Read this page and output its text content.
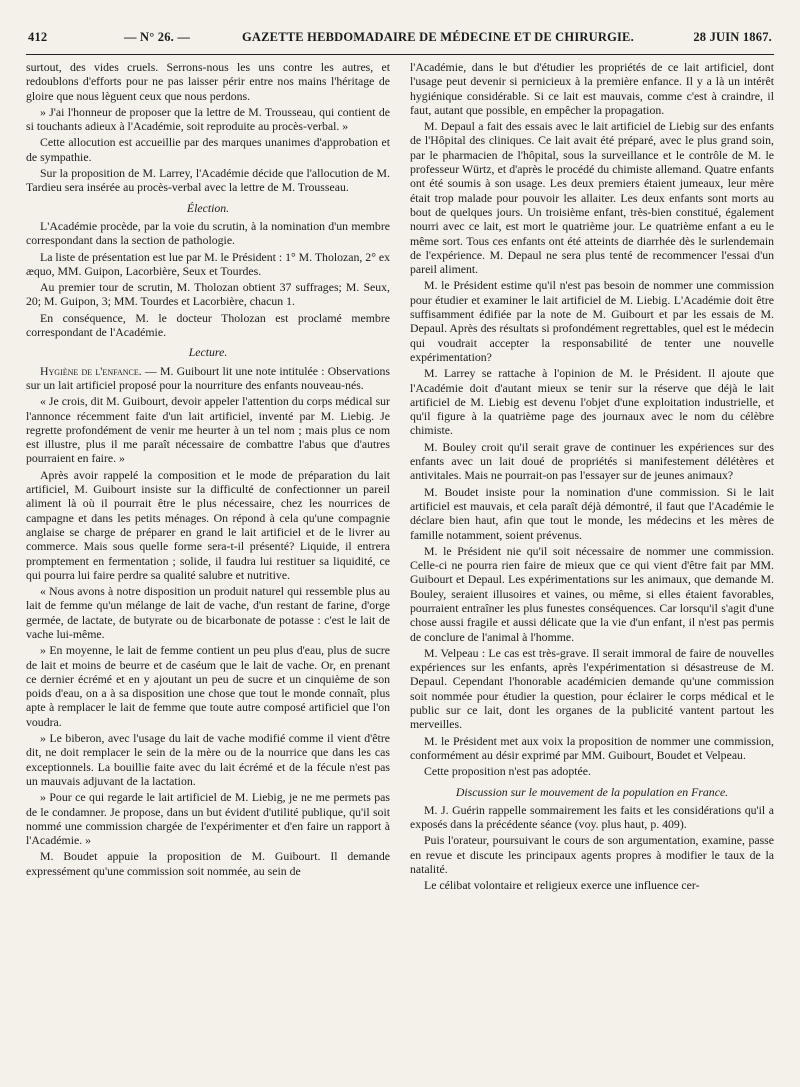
412	— N° 26. —	GAZETTE HEBDOMADAIRE DE MÉDECINE ET DE CHIRURGIE.	28 JUIN 1867.

surtout, des vides cruels. Serrons-nous les uns contre les autres, et redoublons d'efforts pour ne pas laisser périr entre nos mains l'héritage de gloire que nous lèguent ceux que nous perdons.

» J'ai l'honneur de proposer que la lettre de M. Trousseau, qui contient de si touchants adieux à l'Académie, soit reproduite au procès-verbal. »

Cette allocution est accueillie par des marques unanimes d'approbation et de sympathie.

Sur la proposition de M. Larrey, l'Académie décide que l'allocution de M. Tardieu sera insérée au procès-verbal avec la lettre de M. Trousseau.

Élection.

L'Académie procède, par la voie du scrutin, à la nomination d'un membre correspondant dans la section de pathologie.

La liste de présentation est lue par M. le Président : 1° M. Tholozan, 2° ex æquo, MM. Guipon, Lacorbière, Seux et Tourdes.

Au premier tour de scrutin, M. Tholozan obtient 37 suffrages; M. Seux, 20; M. Guipon, 3; MM. Tourdes et Lacorbière, chacun 1.

En conséquence, M. le docteur Tholozan est proclamé membre correspondant de l'Académie.

Lecture.

Hygiène de l'enfance. — M. Guibourt lit une note intitulée : Observations sur un lait artificiel proposé pour la nourriture des enfants nouveau-nés.

« Je crois, dit M. Guibourt, devoir appeler l'attention du corps médical sur l'annonce récemment faite d'un lait artificiel, inventé par M. Liebig. Je regrette profondément de venir me heurter à un tel nom ; mais plus ce nom est illustre, plus il me paraît nécessaire de combattre l'abus que d'autres pourraient en faire. »

Après avoir rappelé la composition et le mode de préparation du lait artificiel, M. Guibourt insiste sur la difficulté de confectionner un pareil aliment là où il pourrait être le plus nécessaire, chez les nourrices de campagne et dans les petits ménages. On répond à cela qu'une compagnie anglaise se charge de préparer en grand le lait artificiel et de le livrer au commerce. Mais sous quelle forme sera-t-il présenté? Liquide, il entrera promptement en fermentation ; solide, il faudra lui restituer sa liquidité, ce qui pourra lui faire perdre sa qualité salubre et nutritive.

« Nous avons à notre disposition un produit naturel qui ressemble plus au lait de femme qu'un mélange de lait de vache, d'un restant de farine, d'orge germée, de lactate, de butyrate ou de bicarbonate de potasse : c'est le lait de vache lui-même.

» En moyenne, le lait de femme contient un peu plus d'eau, plus de sucre de lait et moins de beurre et de caséum que le lait de vache. Or, en prenant ce dernier écrémé et en y ajoutant un peu de sucre et un cinquième de son poids d'eau, on a à sa disposition une chose que tout le monde connaît, plus apte à remplacer le lait de femme que toute autre composé artificiel que l'on voudra.

» Le biberon, avec l'usage du lait de vache modifié comme il vient d'être dit, ne doit remplacer le sein de la mère ou de la nourrice que dans les cas exceptionnels. La bouillie faite avec du lait écrémé et de la fécule n'est pas un mauvais adjuvant de la lactation.

» Pour ce qui regarde le lait artificiel de M. Liebig, je ne me permets pas de le condamner. Je propose, dans un but évident d'utilité publique, qu'il soit nommé une commission chargée de l'expérimenter et d'en faire un rapport à l'Académie. »

M. Boudet appuie la proposition de M. Guibourt. Il demande expressément qu'une commission soit nommée, au sein de

l'Académie, dans le but d'étudier les propriétés de ce lait artificiel, dont l'usage peut devenir si pernicieux à la première enfance. Il y a là un intérêt hygiénique considérable. Si ce lait est mauvais, comme c'est à craindre, il faut, autant que possible, en empêcher la propagation.

M. Depaul a fait des essais avec le lait artificiel de Liebig sur des enfants de l'Hôpital des cliniques. Ce lait avait été préparé, avec le plus grand soin, par le pharmacien de l'hôpital, sous la surveillance et le contrôle de M. le professeur Würtz, et d'après le procédé du chimiste allemand. Quatre enfants ont été soumis à son usage. Les deux premiers étaient jumeaux, leur mère était trop malade pour pouvoir les allaiter. Les deux enfants sont morts au bout de quelques jours. Un troisième enfant, très-bien constitué, également nourri avec ce lait, est mort le quatrième jour. Le quatrième enfant a eu le même sort. Tous ces enfants ont été atteints de diarrhée dès le surlendemain de l'expérience. M. Depaul ne sera plus tenté de recommencer l'essai d'un pareil aliment.

M. le Président estime qu'il n'est pas besoin de nommer une commission pour étudier et examiner le lait artificiel de M. Liebig. L'Académie doit être suffisamment édifiée par la note de M. Guibourt et par les essais de M. Depaul. Après des résultats si profondément regrettables, quel est le médecin qui voudrait accepter la responsabilité de tenter une nouvelle expérimentation?

M. Larrey se rattache à l'opinion de M. le Président. Il ajoute que l'Académie doit d'autant mieux se tenir sur la réserve que déjà le lait artificiel de M. Liebig est devenu l'objet d'une exploitation industrielle, et qu'il figure à la quatrième page des journaux avec le nom du célèbre chimiste.

M. Bouley croit qu'il serait grave de continuer les expériences sur des enfants avec un lait doué de propriétés si manifestement délétères et antivitales. Mais ne pourrait-on pas l'essayer sur de jeunes animaux?

M. Boudet insiste pour la nomination d'une commission. Si le lait artificiel est mauvais, et cela paraît déjà démontré, il faut que l'Académie le déclare bien haut, afin que tout le monde, les médecins et les mères de famille notamment, soient prévenus.

M. le Président nie qu'il soit nécessaire de nommer une commission. Celle-ci ne pourra rien faire de mieux que ce qui vient d'être fait par MM. Guibourt et Depaul. Les expérimentations sur les animaux, que demande M. Bouley, seraient illusoires et vaines, ou même, si elles étaient favorables, pourraient entraîner les plus funestes conséquences. Car lorsqu'il s'agit d'une chose aussi fragile et aussi délicate que la vie d'un enfant, il n'est pas permis de conclure de l'animal à l'homme.

M. Velpeau : Le cas est très-grave. Il serait immoral de faire de nouvelles expériences sur les enfants, après l'expérimentation si désastreuse de M. Depaul. Cependant l'honorable académicien demande qu'une commission soit nommée pour étudier la question, pour éclairer le corps médical et le public sur ce lait, dont les organes de la publicité vantent partout les merveilles.

M. le Président met aux voix la proposition de nommer une commission, conformément au désir exprimé par MM. Guibourt, Boudet et Velpeau.

Cette proposition n'est pas adoptée.

Discussion sur le mouvement de la population en France.

M. J. Guérin rappelle sommairement les faits et les considérations qu'il a exposés dans la précédente séance (voy. plus haut, p. 409).

Puis l'orateur, poursuivant le cours de son argumentation, examine, passe en revue et discute les principaux agents propres à modifier le taux de la natalité.

Le célibat volontaire et religieux exerce une influence cer-
